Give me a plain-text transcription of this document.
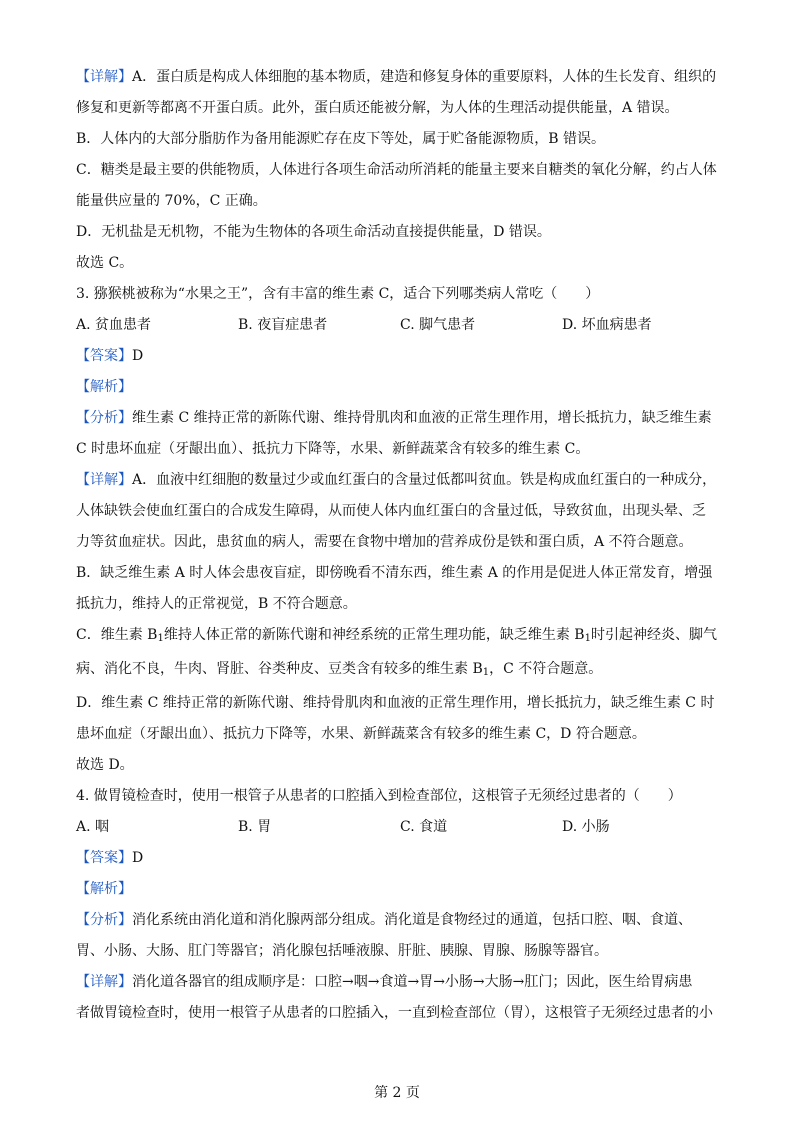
【详解】A．蛋白质是构成人体细胞的基本物质，建造和修复身体的重要原料，人体的生长发育、组织的
修复和更新等都离不开蛋白质。此外，蛋白质还能被分解，为人体的生理活动提供能量，A 错误。
B．人体内的大部分脂肪作为备用能源贮存在皮下等处，属于贮备能源物质，B 错误。
C．糖类是最主要的供能物质，人体进行各项生命活动所消耗的能量主要来自糖类的氧化分解，约占人体
能量供应量的 70%，C 正确。
D．无机盐是无机物，不能为生物体的各项生命活动直接提供能量，D 错误。
故选 C。
3. 猕猴桃被称为“水果之王”，含有丰富的维生素 C，适合下列哪类病人常吃（　　）
A. 贫血患者	B. 夜盲症患者	C. 脚气患者	D. 坏血病患者
【答案】D
【解析】
【分析】维生素 C 维持正常的新陈代谢、维持骨肌肉和血液的正常生理作用，增长抵抗力，缺乏维生素
C 时患坏血症（牙龈出血）、抵抗力下降等，水果、新鲜蔬菜含有较多的维生素 C。
【详解】A．血液中红细胞的数量过少或血红蛋白的含量过低都叫贫血。铁是构成血红蛋白的一种成分，
人体缺铁会使血红蛋白的合成发生障碍，从而使人体内血红蛋白的含量过低，导致贫血，出现头晕、乏
力等贫血症状。因此，患贫血的病人，需要在食物中增加的营养成份是铁和蛋白质，A 不符合题意。
B．缺乏维生素 A 时人体会患夜盲症，即傍晚看不清东西，维生素 A 的作用是促进人体正常发育，增强
抵抗力，维持人的正常视觉，B 不符合题意。
C．维生素 $B_1$维持人体正常的新陈代谢和神经系统的正常生理功能，缺乏维生素 $B_1$时引起神经炎、脚气
病、消化不良，牛肉、肾脏、谷类种皮、豆类含有较多的维生素 $B_1$，C 不符合题意。
D．维生素 C 维持正常的新陈代谢、维持骨肌肉和血液的正常生理作用，增长抵抗力，缺乏维生素 C 时
患坏血症（牙龈出血）、抵抗力下降等，水果、新鲜蔬菜含有较多的维生素 C，D 符合题意。
故选 D。
4. 做胃镜检查时，使用一根管子从患者的口腔插入到检查部位，这根管子无须经过患者的（　　）
A. 咽	B. 胃	C. 食道	D. 小肠
【答案】D
【解析】
【分析】消化系统由消化道和消化腺两部分组成。消化道是食物经过的通道，包括口腔、咽、食道、
胃、小肠、大肠、肛门等器官；消化腺包括唾液腺、肝脏、胰腺、胃腺、肠腺等器官。
【详解】消化道各器官的组成顺序是：口腔→咽→食道→胃→小肠→大肠→肛门；因此，医生给胃病患
者做胃镜检查时，使用一根管子从患者的口腔插入，一直到检查部位（胃），这根管子无须经过患者的小
第 2 页
